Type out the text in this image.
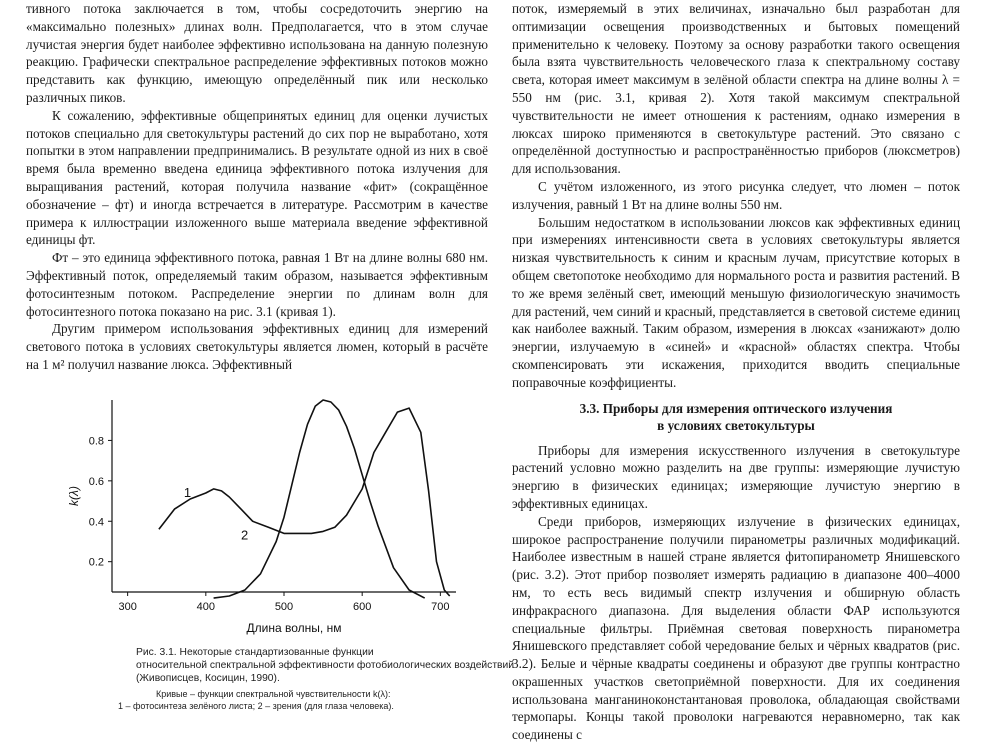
тивного потока заключается в том, чтобы сосредоточить энергию на «максимально полезных» длинах волн. Предполагается, что в этом случае лучистая энергия будет наиболее эффективно использована на данную полезную реакцию. Графически спектральное распределение эффективных потоков можно представить как функцию, имеющую определённый пик или несколько различных пиков.

К сожалению, эффективные общепринятых единиц для оценки лучистых потоков специально для светокультуры растений до сих пор не выработано, хотя попытки в этом направлении предпринимались. В результате одной из них в своё время была временно введена единица эффективного потока излучения для выращивания растений, которая получила название «фит» (сокращённое обозначение – фт) и иногда встречается в литературе. Рассмотрим в качестве примера к иллюстрации изложенного выше материала введение эффективной единицы фт.

Фт – это единица эффективного потока, равная 1 Вт на длине волны 680 нм. Эффективный поток, определяемый таким образом, называется эффективным фотосинтезным потоком. Распределение энергии по длинам волн для фотосинтезного потока показано на рис. 3.1 (кривая 1).

Другим примером использования эффективных единиц для измерений светового потока в условиях светокультуры является люмен, который в расчёте на 1 м² получил название люкса. Эффективный

поток, измеряемый в этих величинах, изначально был разработан для оптимизации освещения производственных и бытовых помещений применительно к человеку. Поэтому за основу разработки такого освещения была взята чувствительность человеческого глаза к спектральному составу света, которая имеет максимум в зелёной области спектра на длине волны λ = 550 нм (рис. 3.1, кривая 2). Хотя такой максимум спектральной чувствительности не имеет отношения к растениям, однако измерения в люксах широко применяются в светокультуре растений. Это связано с определённой доступностью и распространённостью приборов (люксметров) для использования.

С учётом изложенного, из этого рисунка следует, что люмен – поток излучения, равный 1 Вт на длине волны 550 нм.

Большим недостатком в использовании люксов как эффективных единиц при измерениях интенсивности света в условиях светокультуры является низкая чувствительность к синим и красным лучам, присутствие которых в общем светопотоке необходимо для нормального роста и развития растений. В то же время зелёный свет, имеющий меньшую физиологическую значимость для растений, чем синий и красный, представляется в световой системе единиц как наиболее важный. Таким образом, измерения в люксах «занижают» долю энергии, излучаемую в «синей» и «красной» областях спектра. Чтобы скомпенсировать эти искажения, приходится вводить специальные поправочные коэффициенты.

3.3. Приборы для измерения оптического излучения
в условиях светокультуры

Приборы для измерения искусственного излучения в светокультуре растений условно можно разделить на две группы: измеряющие лучистую энергию в физических единицах; измеряющие лучистую энергию в эффективных единицах.

Среди приборов, измеряющих излучение в физических единицах, широкое распространение получили пиранометры различных модификаций. Наиболее известным в нашей стране является фитопиранометр Янишевского (рис. 3.2). Этот прибор позволяет измерять радиацию в диапазоне 400–4000 нм, то есть весь видимый спектр излучения и обширную область инфракрасного диапазона. Для выделения области ФАР используются специальные фильтры. Приёмная световая поверхность пиранометра Янишевского представляет собой чередование белых и чёрных квадратов (рис. 3.2). Белые и чёрные квадраты соединены и образуют две группы контрастно окрашенных участков светоприёмной поверхности. Для их соединения использована манганиноконстантановая проволока, обладающая свойствами термопары. Концы такой проволоки нагреваются неравномерно, так как соединены с

300	400	500	600	700
0.2
0.4
0.6
0.8
1
2
Длина волны, нм
k(λ)
Рис. 3.1. Некоторые стандартизованные функции
относительной спектральной эффективности фотобиологических воздействий
(Живописцев, Косицин, 1990).
Кривые – функции спектральной чувствительности k(λ):
1 – фотосинтеза зелёного листа; 2 – зрения (для глаза человека).
